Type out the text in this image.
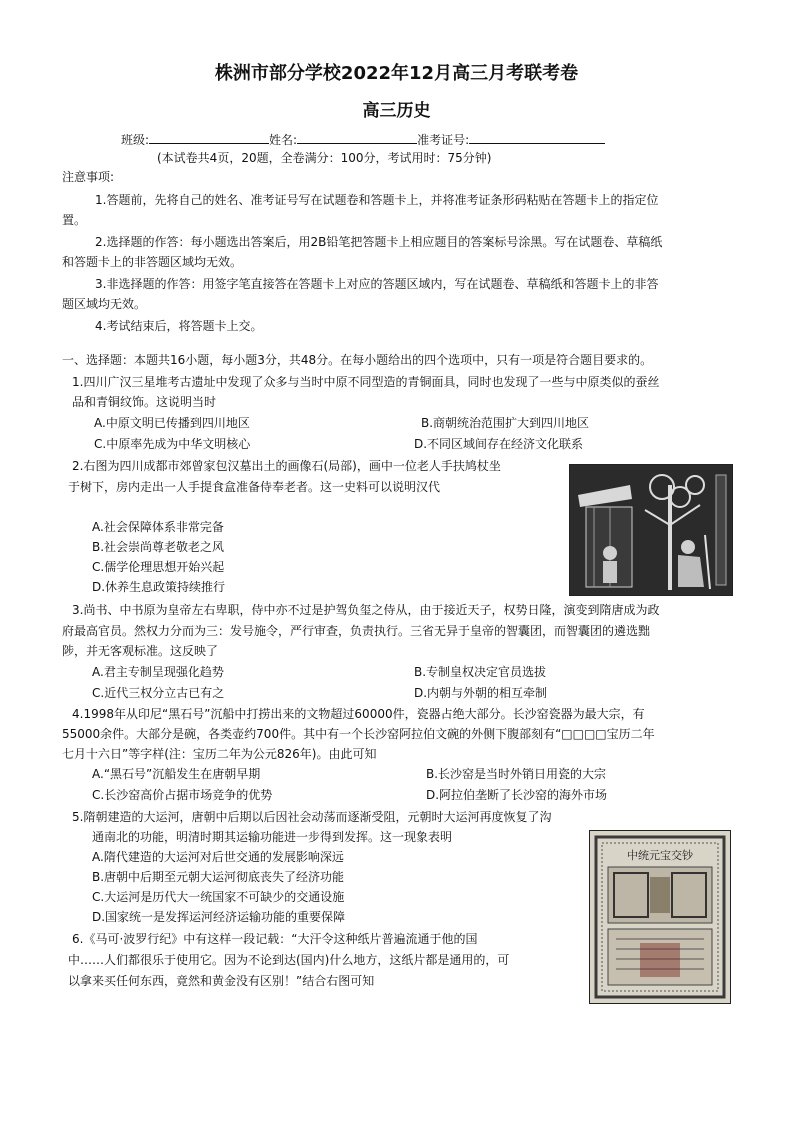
株洲市部分学校2022年12月高三月考联考卷
高三历史
班级:	姓名:	准考证号:
(本试卷共4页，20题，全卷满分：100分，考试用时：75分钟)
注意事项:
1.答题前，先将自己的姓名、准考证号写在试题卷和答题卡上，并将准考证条形码粘贴在答题卡上的指定位
置。
2.选择题的作答：每小题选出答案后，用2B铅笔把答题卡上相应题目的答案标号涂黑。写在试题卷、草稿纸
和答题卡上的非答题区域均无效。
3.非选择题的作答：用签字笔直接答在答题卡上对应的答题区域内，写在试题卷、草稿纸和答题卡上的非答
题区域均无效。
4.考试结束后，将答题卡上交。
一、选择题：本题共16小题，每小题3分，共48分。在每小题给出的四个选项中，只有一项是符合题目要求的。
1.四川广汉三星堆考古遗址中发现了众多与当时中原不同型造的青铜面具，同时也发现了一些与中原类似的蚕丝
品和青铜纹饰。这说明当时
A.中原文明已传播到四川地区	B.商朝统治范围扩大到四川地区
C.中原率先成为中华文明核心	D.不同区域间存在经济文化联系
2.右图为四川成都市郊曾家包汉墓出土的画像石(局部)，画中一位老人手扶鸠杖坐
于树下，房内走出一人手提食盒准备侍奉老者。这一史料可以说明汉代
A.社会保障体系非常完备
B.社会崇尚尊老敬老之风
C.儒学伦理思想开始兴起
D.休养生息政策持续推行
3.尚书、中书原为皇帝左右卑职，侍中亦不过是护驾负玺之侍从，由于接近天子，权势日隆，演变到隋唐成为政
府最高官员。然权力分而为三：发号施令，严行审查，负责执行。三省无异于皇帝的智囊团，而智囊团的遴选黜
陟，并无客观标准。这反映了
A.君主专制呈现强化趋势	B.专制皇权决定官员选拔
C.近代三权分立古已有之	D.内朝与外朝的相互牵制
4.1998年从印尼“黑石号”沉船中打捞出来的文物超过60000件，瓷器占绝大部分。长沙窑瓷器为最大宗，有
55000余件。大部分是碗，各类壶约700件。其中有一个长沙窑阿拉伯文碗的外侧下腹部刻有“□□□□宝历二年
七月十六日”等字样(注：宝历二年为公元826年)。由此可知
A.“黑石号”沉船发生在唐朝早期	B.长沙窑是当时外销日用瓷的大宗
C.长沙窑高价占据市场竞争的优势	D.阿拉伯垄断了长沙窑的海外市场
5.隋朝建造的大运河，唐朝中后期以后因社会动荡而逐渐受阻，元朝时大运河再度恢复了沟
通南北的功能，明清时期其运输功能进一步得到发挥。这一现象表明
A.隋代建造的大运河对后世交通的发展影响深远
B.唐朝中后期至元朝大运河彻底丧失了经济功能
C.大运河是历代大一统国家不可缺少的交通设施
D.国家统一是发挥运河经济运输功能的重要保障
6.《马可·波罗行纪》中有这样一段记载：“大汗令这种纸片普遍流通于他的国
中……人们都很乐于使用它。因为不论到达(国内)什么地方，这纸片都是通用的，可
以拿来买任何东西，竟然和黄金没有区别！”结合右图可知
中统元宝交钞
